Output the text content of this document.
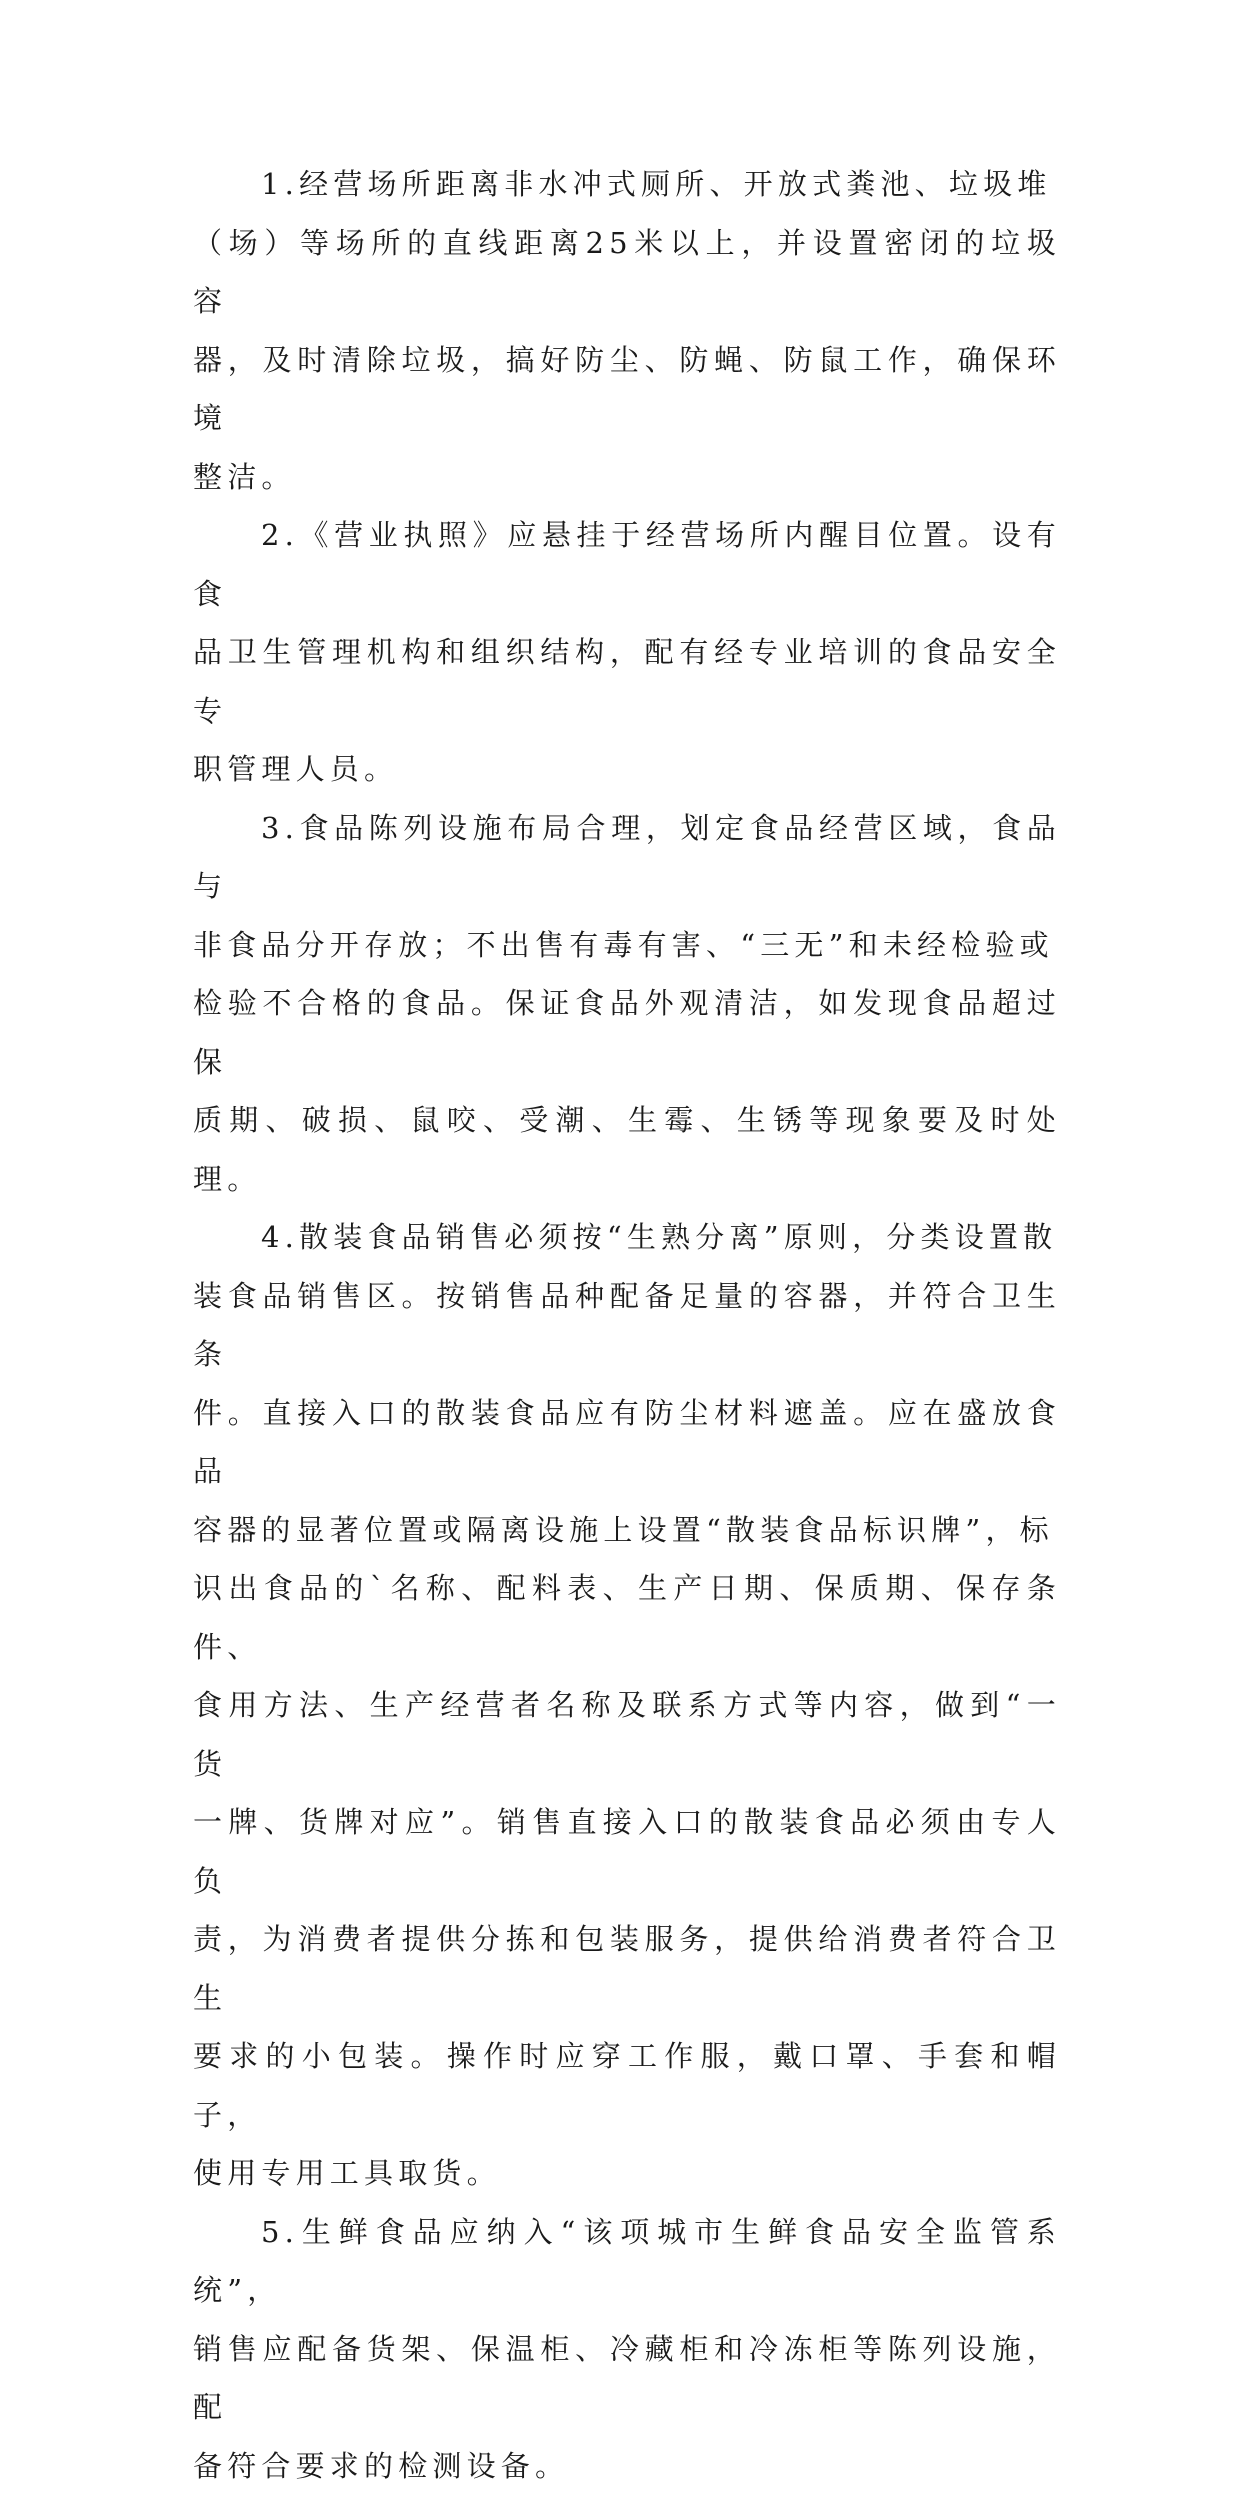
1.经营场所距离非水冲式厕所、开放式粪池、垃圾堆
（场）等场所的直线距离25米以上，并设置密闭的垃圾容
器，及时清除垃圾，搞好防尘、防蝇、防鼠工作，确保环境
整洁。

2.《营业执照》应悬挂于经营场所内醒目位置。设有食
品卫生管理机构和组织结构，配有经专业培训的食品安全专
职管理人员。

3.食品陈列设施布局合理，划定食品经营区域，食品与
非食品分开存放；不出售有毒有害、“三无”和未经检验或
检验不合格的食品。保证食品外观清洁，如发现食品超过保
质期、破损、鼠咬、受潮、生霉、生锈等现象要及时处理。

4.散装食品销售必须按“生熟分离”原则，分类设置散
装食品销售区。按销售品种配备足量的容器，并符合卫生条
件。直接入口的散装食品应有防尘材料遮盖。应在盛放食品
容器的显著位置或隔离设施上设置“散装食品标识牌”，标
识出食品的`名称、配料表、生产日期、保质期、保存条件、
食用方法、生产经营者名称及联系方式等内容，做到“一货
一牌、货牌对应”。销售直接入口的散装食品必须由专人负
责，为消费者提供分拣和包装服务，提供给消费者符合卫生
要求的小包装。操作时应穿工作服，戴口罩、手套和帽子，
使用专用工具取货。

5.生鲜食品应纳入“该项城市生鲜食品安全监管系统”，
销售应配备货架、保温柜、冷藏柜和冷冻柜等陈列设施，配
备符合要求的检测设备。
